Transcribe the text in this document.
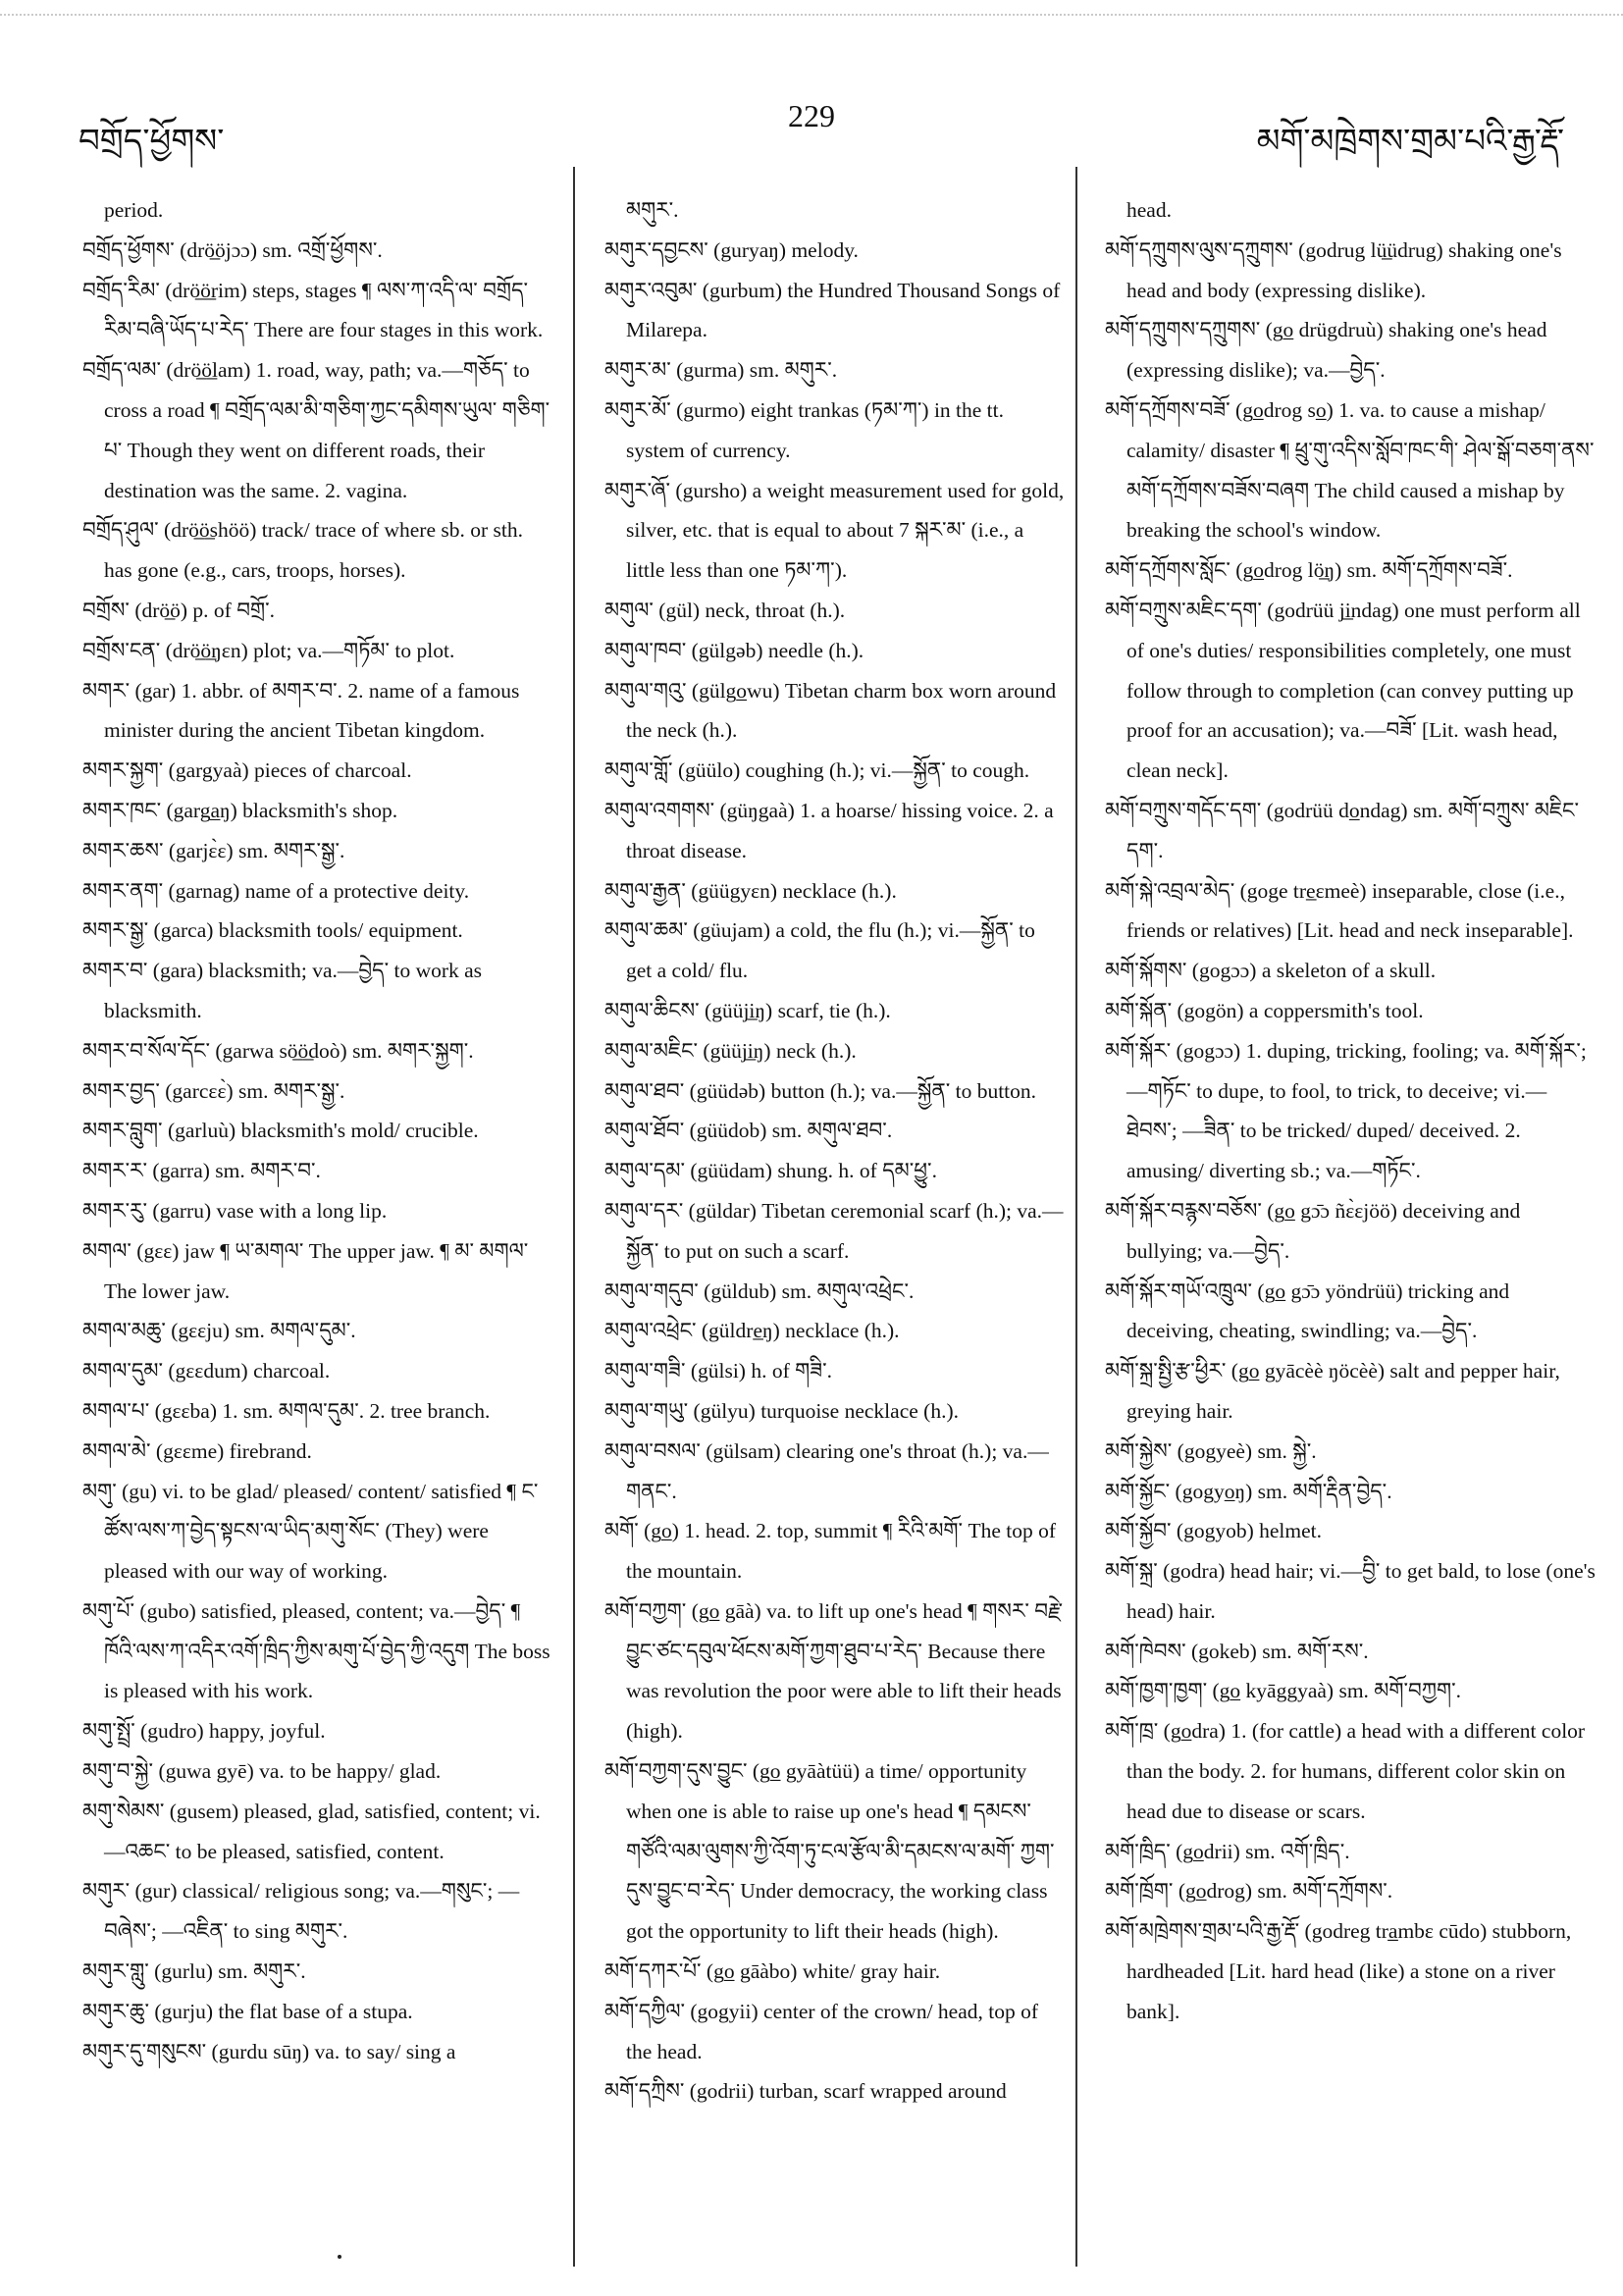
བགྲོད་ཕྱོགས་
229
མགོ་མཁྲེགས་གྲམ་པའི་རྒྱ་རྡོ་
period.
བགྲོད་ཕྱོགས་ (drö̲öjɔɔ) sm. འགྲོ་ཕྱོགས་.
བགྲོད་རིམ་ (drö̲ö̲rim) steps, stages ¶ ལས་ཀ་འདི་ལ་ བགྲོད་རིམ་བཞི་ཡོད་པ་རེད་ There are four stages in this work.
བགྲོད་ལམ་ (drö̲ö̲lam) 1. road, way, path; va.—གཅོད་ to cross a road ¶ བགྲོད་ལམ་མི་གཅིག་ཀྱང་དམིགས་ཡུལ་ གཅིག་པ་ Though they went on different roads, their destination was the same. 2. vagina.
བགྲོད་ཤུལ་ (drö̲ö̲shöö) track/ trace of where sb. or sth. has gone (e.g., cars, troops, horses).
བགྲོས་ (drö̲ö) p. of བགྲོ་.
བགྲོས་ངན་ (drö̲ö̲ŋɛn) plot; va.—གཏོམ་ to plot.
མགར་ (gar) 1. abbr. of མགར་བ་. 2. name of a famous minister during the ancient Tibetan kingdom.
མགར་སྐྱག་ (gargyaà) pieces of charcoal.
མགར་ཁང་ (garga̲ŋ) blacksmith's shop.
མགར་ཆས་ (garjɛ̀ɛ) sm. མགར་སྒྱ་.
མགར་ནག་ (garnag) name of a protective deity.
མགར་སྒྱ་ (garca) blacksmith tools/ equipment.
མགར་བ་ (gara) blacksmith; va.—བྱེད་ to work as blacksmith.
མགར་བ་སོལ་དོང་ (garwa sö̲ö̲doò) sm. མགར་སྐྱག་.
མགར་བྱད་ (garcɛɛ̀) sm. མགར་སྒྱ་.
མགར་བླུག་ (garluù) blacksmith's mold/ crucible.
མགར་ར་ (garra) sm. མགར་བ་.
མགར་རུ་ (garru) vase with a long lip.
མགལ་ (gɛɛ) jaw ¶ ཡ་མགལ་ The upper jaw. ¶ མ་ མགལ་ The lower jaw.
མགལ་མཆུ་ (gɛɛju) sm. མགལ་དུམ་.
མགལ་དུམ་ (gɛɛdum) charcoal.
མགལ་པ་ (gɛɛba) 1. sm. མགལ་དུམ་. 2. tree branch.
མགལ་མེ་ (gɛɛme) firebrand.
མགུ་ (gu) vi. to be glad/ pleased/ content/ satisfied ¶ ང་ཚོས་ལས་ཀ་བྱེད་སྟངས་ལ་ཡིད་མགུ་སོང་ (They) were pleased with our way of working.
མགུ་པོ་ (gubo) satisfied, pleased, content; va.—བྱེད་ ¶ ཁོའི་ལས་ཀ་འདིར་འགོ་ཁྲིད་ཀྱིས་མགུ་པོ་བྱེད་ཀྱི་འདུག The boss is pleased with his work.
མགུ་སྤྲོ་ (gudro) happy, joyful.
མགུ་བ་སྐྱེ་ (guwa gyē) va. to be happy/ glad.
མགུ་སེམས་ (gusem) pleased, glad, satisfied, content; vi.—འཆང་ to be pleased, satisfied, content.
མགུར་ (gur) classical/ religious song; va.—གསུང་; —བཞེས་; —འཇིན་ to sing མགུར་.
མགུར་གླུ་ (gurlu) sm. མགུར་.
མགུར་ཆུ་ (gurju) the flat base of a stupa.
མགུར་དུ་གསུངས་ (gurdu sūŋ) va. to say/ sing a
མགུར་.
མགུར་དབྱངས་ (guryaŋ) melody.
མགུར་འབུམ་ (gurbum) the Hundred Thousand Songs of Milarepa.
མགུར་མ་ (gurma) sm. མགུར་.
མགུར་མོ་ (gurmo) eight trankas (ཏམ་ཀ་) in the tt. system of currency.
མགུར་ཞོ་ (gursho) a weight measurement used for gold, silver, etc. that is equal to about 7 སྐར་མ་ (i.e., a little less than one ཏམ་ཀ་).
མགུལ་ (gül) neck, throat (h.).
མགུལ་ཁབ་ (gülgəb) needle (h.).
མགུལ་གའུ་ (gülgo̲wu) Tibetan charm box worn around the neck (h.).
མགུལ་གློ་ (güülo) coughing (h.); vi.—སྐྱོན་ to cough.
མགུལ་འགགས་ (güŋgaà) 1. a hoarse/ hissing voice. 2. a throat disease.
མགུལ་རྒྱན་ (güügyɛn) necklace (h.).
མགུལ་ཆམ་ (güujam) a cold, the flu (h.); vi.—སྐྱོན་ to get a cold/ flu.
མགུལ་ཆིངས་ (güüji̲ŋ) scarf, tie (h.).
མགུལ་མཇིང་ (güüji̲ŋ) neck (h.).
མགུལ་ཐབ་ (güüdəb) button (h.); va.—སྐྱོན་ to button.
མགུལ་ཐོབ་ (güüdob) sm. མགུལ་ཐབ་.
མགུལ་དམ་ (güüdam) shung. h. of དམ་ཕྱུ་.
མགུལ་དར་ (güldar) Tibetan ceremonial scarf (h.); va.—སྐྱོན་ to put on such a scarf.
མགུལ་གདུབ་ (güldub) sm. མགུལ་འཕྲེང་.
མགུལ་འཕྲེང་ (güldre̲ŋ) necklace (h.).
མགུལ་གཟི་ (gülsi) h. of གཟི་.
མགུལ་གཡུ་ (gülyu) turquoise necklace (h.).
མགུལ་བསལ་ (gülsam) clearing one's throat (h.); va.—གནང་.
མགོ་ (go̲) 1. head. 2. top, summit ¶ རིའི་མགོ་ The top of the mountain.
མགོ་བཀྱག་ (go̲ gāà) va. to lift up one's head ¶ གསར་ བརྗེ་བྱུང་ཙང་དབུལ་ཕོངས་མགོ་ཀྱག་ཐུབ་པ་རེད་ Because there was revolution the poor were able to lift their heads (high).
མགོ་བཀྱག་དུས་བྱུང་ (go̲ gyāàtüü) a time/ opportunity when one is able to raise up one's head ¶ དམངས་ གཙོའི་ལམ་ལུགས་ཀྱི་འོག་ཏུ་ངལ་རྩོལ་མི་དམངས་ལ་མགོ་ ཀྱག་དུས་བྱུང་བ་རེད་ Under democracy, the working class got the opportunity to lift their heads (high).
མགོ་དཀར་པོ་ (go̲ gāàbo) white/ gray hair.
མགོ་དཀྱིལ་ (gogyii) center of the crown/ head, top of the head.
མགོ་དཀྲིས་ (godrii) turban, scarf wrapped around
head.
མགོ་དཀྲུགས་ལུས་དཀྲུགས་ (godrug lü̲üdrug) shaking one's head and body (expressing dislike).
མགོ་དཀྲུགས་དཀྲུགས་ (go̲ drügdruù) shaking one's head (expressing dislike); va.—བྱེད་.
མགོ་དཀྲོགས་བཟོ་ (go̲drog so̲) 1. va. to cause a mishap/ calamity/ disaster ¶ ཕྲུ་གུ་འདིས་སློབ་ཁང་གི་ ཤེལ་སྒོ་བཅག་ནས་མགོ་དཀྲོགས་བཟོས་བཞག The child caused a mishap by breaking the school's window.
མགོ་དཀྲོགས་སློང་ (go̲drog lö̲ŋ) sm. མགོ་དཀྲོགས་བཟོ་.
མགོ་བཀྲུས་མཇིང་དག་ (godrüü ji̲ndag) one must perform all of one's duties/ responsibilities completely, one must follow through to completion (can convey putting up proof for an accusation); va.—བཟོ་ [Lit. wash head, clean neck].
མགོ་བཀྲུས་གདོང་དག་ (godrüü do̲ndag) sm. མགོ་བཀྲུས་ མཇིང་དག་.
མགོ་སྐེ་འབྲལ་མེད་ (goge tre̲ɛmeè) inseparable, close (i.e., friends or relatives) [Lit. head and neck inseparable].
མགོ་སྐོགས་ (gogɔɔ) a skeleton of a skull.
མགོ་སྐོན་ (gogön) a coppersmith's tool.
མགོ་སྐོར་ (gogɔɔ) 1. duping, tricking, fooling; va. མགོ་སྐོར་; —གཏོང་ to dupe, to fool, to trick, to deceive; vi.—ཐེབས་; —ཟིན་ to be tricked/ duped/ deceived. 2. amusing/ diverting sb.; va.—གཏོང་.
མགོ་སྐོར་བརྙས་བཅོས་ (go̲ gɔ̄ɔ ñɛ̀ɛjöö) deceiving and bullying; va.—བྱེད་.
མགོ་སྐོར་གཡོ་འཁྲུལ་ (go̲ gɔ̄ɔ yöndrüü) tricking and deceiving, cheating, swindling; va.—བྱེད་.
མགོ་སྐྲ་སྤྱི་རྩ་ཕྱིར་ (go̲ gyācèè ŋöcèè) salt and pepper hair, greying hair.
མགོ་སྐྱེས་ (gogyeè) sm. སྐྱེ་.
མགོ་སྐྱོང་ (gogyo̲ŋ) sm. མགོ་རྡིན་བྱེད་.
མགོ་སྐྱོབ་ (gogyob) helmet.
མགོ་སྐྲ་ (godra) head hair; vi.—བྱི་ to get bald, to lose (one's head) hair.
མགོ་ཁེབས་ (gokeb) sm. མགོ་རས་.
མགོ་ཁྱག་ཁྱག་ (go̲ kyāggyaà) sm. མགོ་བཀྱག་.
མགོ་ཁྲ་ (go̲dra) 1. (for cattle) a head with a different color than the body. 2. for humans, different color skin on head due to disease or scars.
མགོ་ཁྲིད་ (go̲drii) sm. འགོ་ཁྲིད་.
མགོ་ཁྲོག་ (go̲drog) sm. མགོ་དཀྲོགས་.
མགོ་མཁྲེགས་གྲམ་པའི་རྒྱ་རྡོ་ (godreg tra̲mbɛ cūdo) stubborn, hardheaded [Lit. hard head (like) a stone on a river bank].
